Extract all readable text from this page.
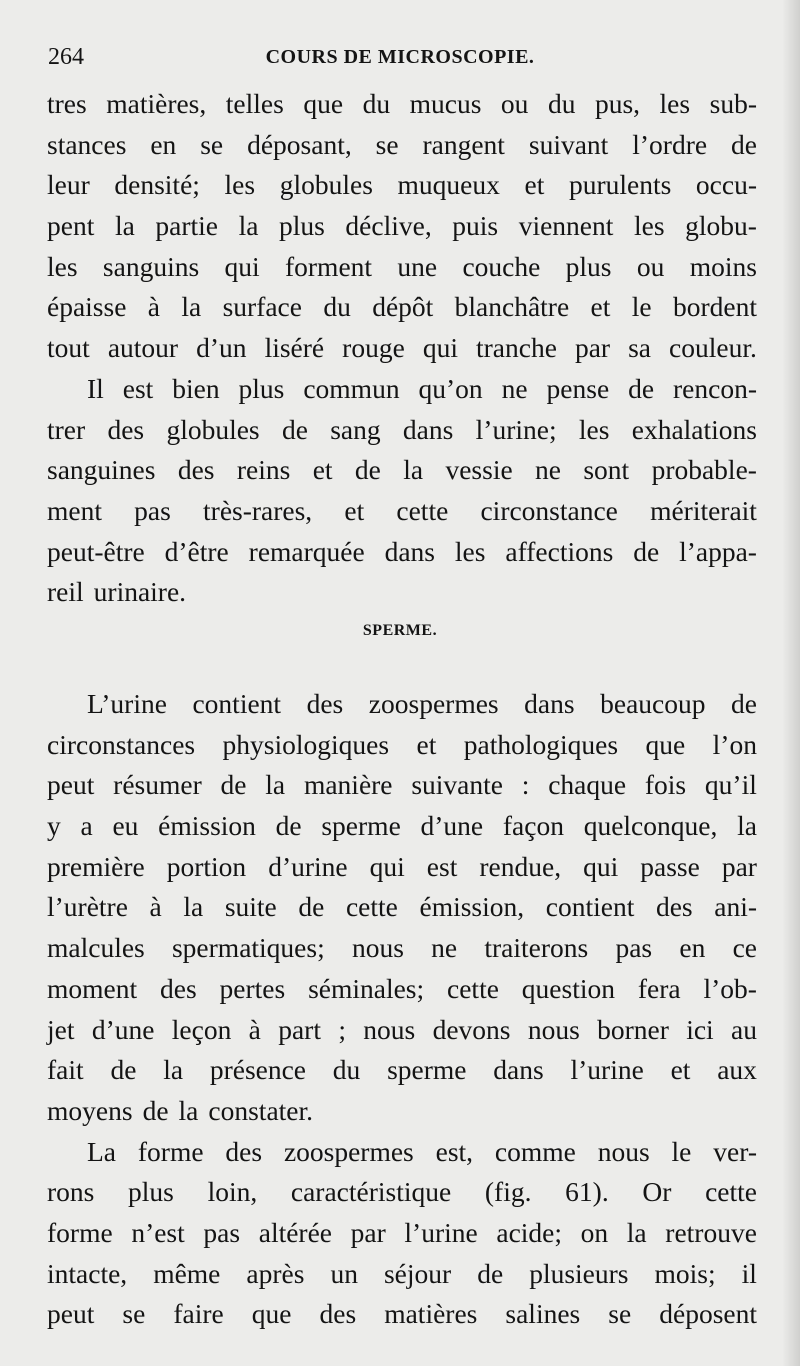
264	COURS DE MICROSCOPIE.
tres matières, telles que du mucus ou du pus, les sub-
stances en se déposant, se rangent suivant l’ordre de
leur densité; les globules muqueux et purulents occu-
pent la partie la plus déclive, puis viennent les globu-
les sanguins qui forment une couche plus ou moins
épaisse à la surface du dépôt blanchâtre et le bordent
tout autour d’un liséré rouge qui tranche par sa couleur.
Il est bien plus commun qu’on ne pense de rencon-
trer des globules de sang dans l’urine; les exhalations
sanguines des reins et de la vessie ne sont probable-
ment pas très-rares, et cette circonstance mériterait
peut-être d’être remarquée dans les affections de l’appa-
reil urinaire.
SPERME.
L’urine contient des zoospermes dans beaucoup de
circonstances physiologiques et pathologiques que l’on
peut résumer de la manière suivante : chaque fois qu’il
y a eu émission de sperme d’une façon quelconque, la
première portion d’urine qui est rendue, qui passe par
l’urètre à la suite de cette émission, contient des ani-
malcules spermatiques; nous ne traiterons pas en ce
moment des pertes séminales; cette question fera l’ob-
jet d’une leçon à part ; nous devons nous borner ici au
fait de la présence du sperme dans l’urine et aux
moyens de la constater.
La forme des zoospermes est, comme nous le ver-
rons plus loin, caractéristique (fig. 61). Or cette
forme n’est pas altérée par l’urine acide; on la retrouve
intacte, même après un séjour de plusieurs mois; il
peut se faire que des matières salines se déposent
